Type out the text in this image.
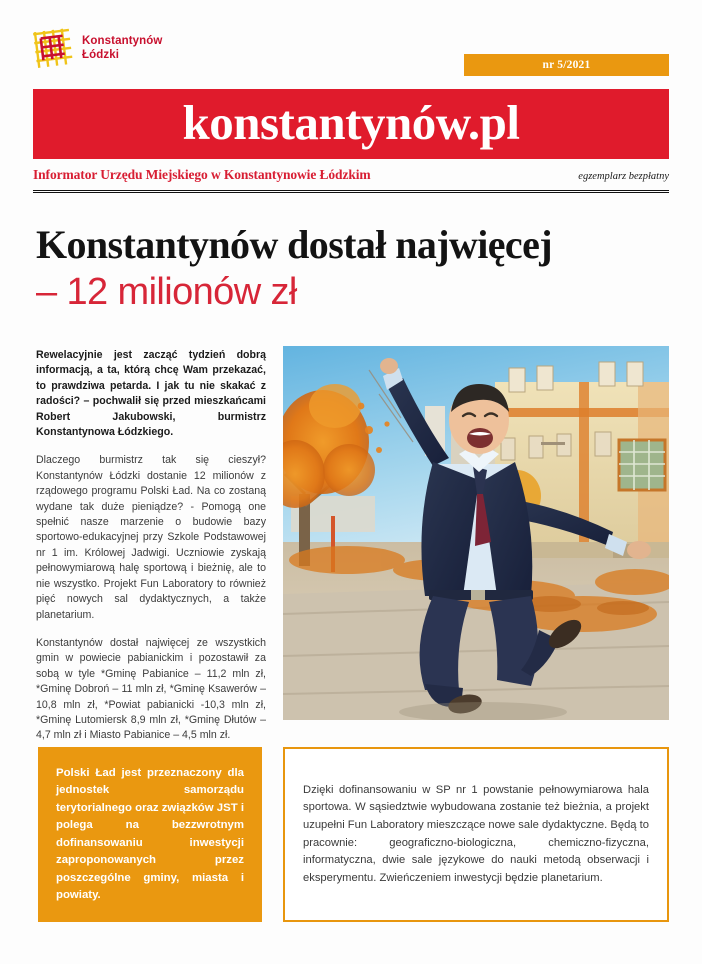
Konstantynów
Łódzki
nr 5/2021
konstantynów.pl
Informator Urzędu Miejskiego w Konstantynowie Łódzkim	egzemplarz bezpłatny
Konstantynów dostał najwięcej
– 12 milionów zł

Rewelacyjnie jest zacząć tydzień dobrą informacją, a ta, którą chcę Wam przekazać, to prawdziwa petarda. I jak tu nie skakać z radości? – pochwalił się przed mieszkańcami Robert Jakubowski, burmistrz Konstantynowa Łódzkiego.

Dlaczego burmistrz tak się cieszył? Konstantynów Łódzki dostanie 12 milionów z rządowego programu Polski Ład. Na co zostaną wydane tak duże pieniądze? - Pomogą one spełnić nasze marzenie o budowie bazy sportowo-edukacyjnej przy Szkole Podstawowej nr 1 im. Królowej Jadwigi. Uczniowie zyskają pełnowymiarową halę sportową i bieżnię, ale to nie wszystko. Projekt Fun Laboratory to również pięć nowych sal dydaktycznych, a także planetarium.

Konstantynów dostał najwięcej ze wszystkich gmin w powiecie pabianickim i pozostawił za sobą w tyle *Gminę Pabianice – 11,2 mln zł, *Gminę Dobroń – 11 mln zł, *Gminę Ksawerów – 10,8 mln zł, *Powiat pabianicki -10,3 mln zł, *Gminę Lutomiersk 8,9 mln zł, *Gminę Dłutów – 4,7 mln zł i Miasto Pabianice – 4,5 mln zł.

Polski Ład jest przeznaczony dla jednostek samorządu terytorialnego oraz związków JST i polega na bezzwrotnym dofinansowaniu inwestycji zaproponowanych przez poszczególne gminy, miasta i powiaty.

Dzięki dofinansowaniu w SP nr 1 powstanie pełnowymiarowa hala sportowa. W sąsiedztwie wybudowana zostanie też bieżnia, a projekt uzupełni Fun Laboratory mieszczące nowe sale dydaktyczne. Będą to pracownie: geograficzno-biologiczna, chemiczno-fizyczna, informatyczna, dwie sale językowe do nauki metodą obserwacji i eksperymentu. Zwieńczeniem inwestycji będzie planetarium.
